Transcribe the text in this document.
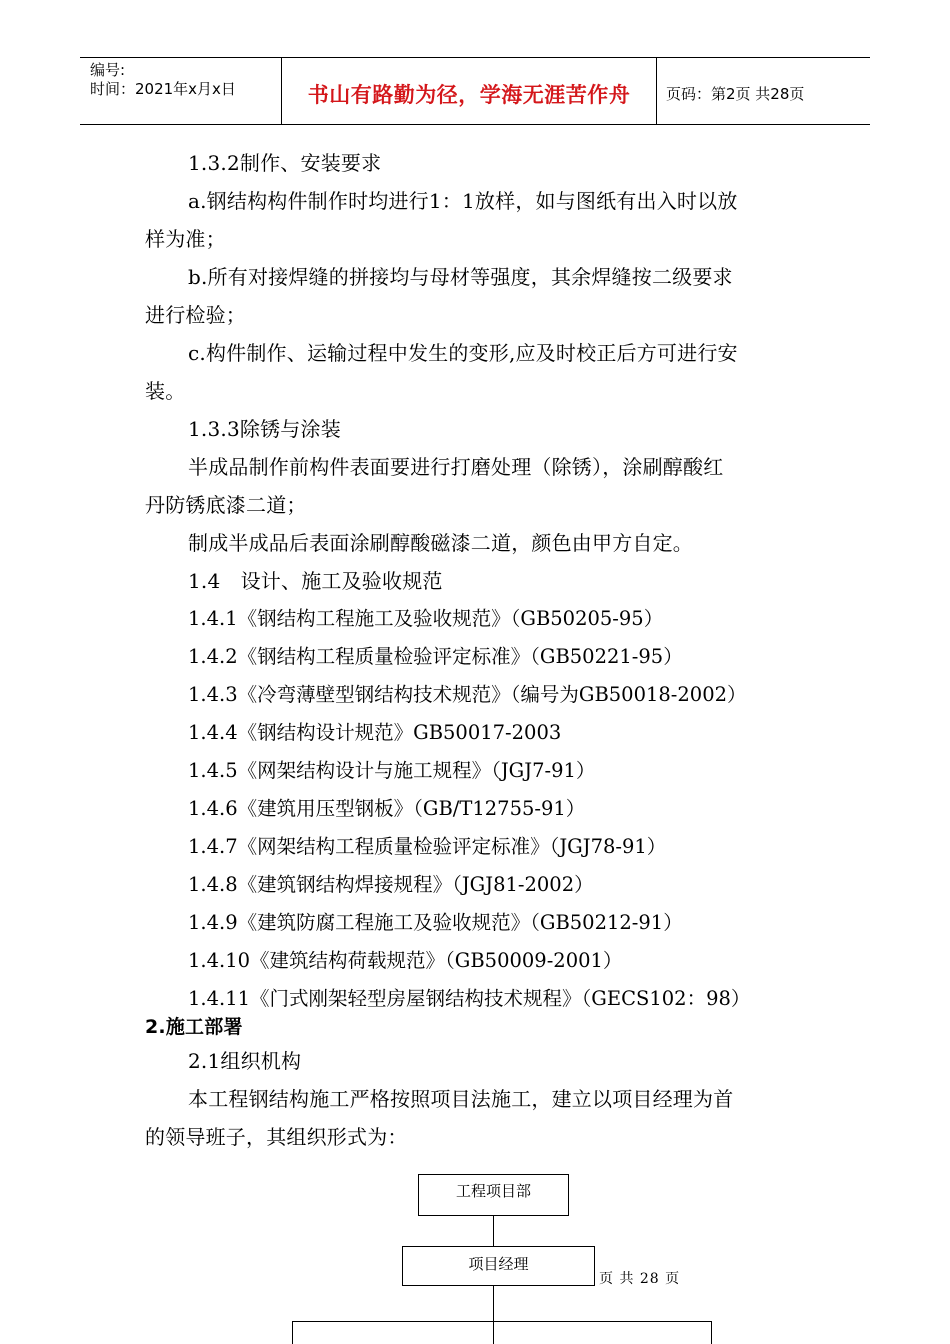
编号:
时间：2021年x月x日	书山有路勤为径，学海无涯苦作舟	页码：第2页 共28页

1.3.2制作、安装要求

a.钢结构构件制作时均进行1：1放样，如与图纸有出入时以放

样为准；

b.所有对接焊缝的拼接均与母材等强度，其余焊缝按二级要求

进行检验；

c.构件制作、运输过程中发生的变形,应及时校正后方可进行安

装。

1.3.3除锈与涂装

半成品制作前构件表面要进行打磨处理（除锈），涂刷醇酸红

丹防锈底漆二道；

制成半成品后表面涂刷醇酸磁漆二道，颜色由甲方自定。

1.4　设计、施工及验收规范

1.4.1《钢结构工程施工及验收规范》（GB50205-95）

1.4.2《钢结构工程质量检验评定标准》（GB50221-95）

1.4.3《冷弯薄壁型钢结构技术规范》（编号为GB50018-2002）

1.4.4《钢结构设计规范》GB50017-2003

1.4.5《网架结构设计与施工规程》（JGJ7-91）

1.4.6《建筑用压型钢板》（GB/T12755-91）

1.4.7《网架结构工程质量检验评定标准》（JGJ78-91）

1.4.8《建筑钢结构焊接规程》（JGJ81-2002）

1.4.9《建筑防腐工程施工及验收规范》（GB50212-91）

1.4.10《建筑结构荷载规范》（GB50009-2001）

1.4.11《门式刚架轻型房屋钢结构技术规程》（GECS102：98）

2.施工部署

2.1组织机构

本工程钢结构施工严格按照项目法施工，建立以项目经理为首

的领导班子，其组织形式为：

工程项目部
项目经理
页 共 28 页
